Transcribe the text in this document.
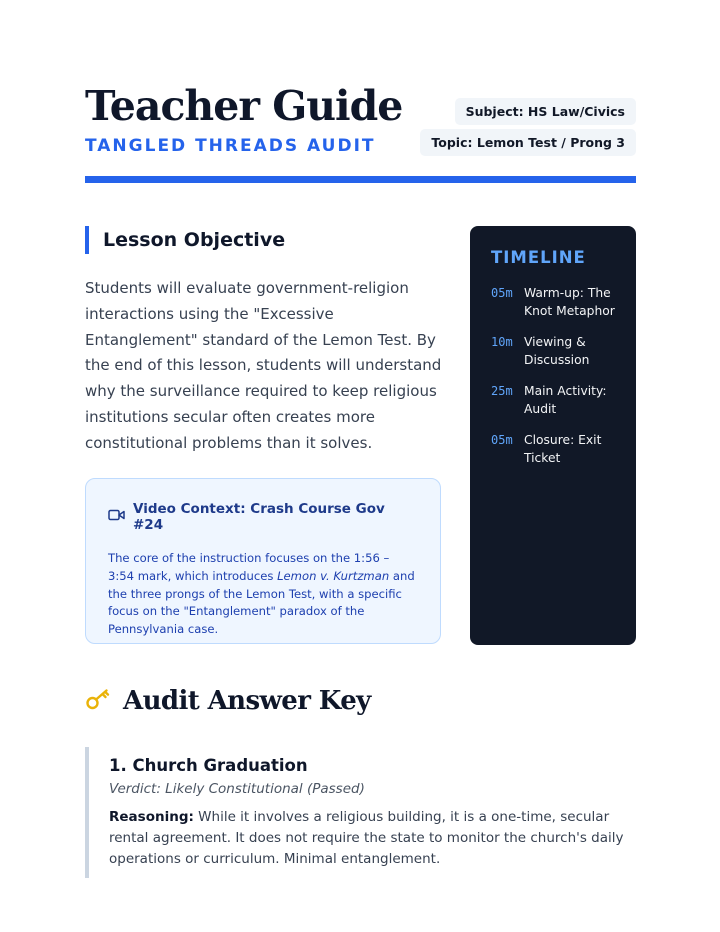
Teacher Guide
TANGLED THREADS AUDIT
Subject: HS Law/Civics
Topic: Lemon Test / Prong 3
Lesson Objective

Students will evaluate government-religion interactions using the "Excessive Entanglement" standard of the Lemon Test. By the end of this lesson, students will understand why the surveillance required to keep religious institutions secular often creates more constitutional problems than it solves.

Video Context: Crash Course Gov #24

The core of the instruction focuses on the 1:56 – 3:54 mark, which introduces Lemon v. Kurtzman and the three prongs of the Lemon Test, with a specific focus on the "Entanglement" paradox of the Pennsylvania case.

TIMELINE
05m Warm-up: The Knot Metaphor
10m Viewing & Discussion
25m Main Activity: Audit
05m Closure: Exit Ticket
Audit Answer Key
1. Church Graduation
Verdict: Likely Constitutional (Passed)

Reasoning: While it involves a religious building, it is a one-time, secular rental agreement. It does not require the state to monitor the church's daily operations or curriculum. Minimal entanglement.
